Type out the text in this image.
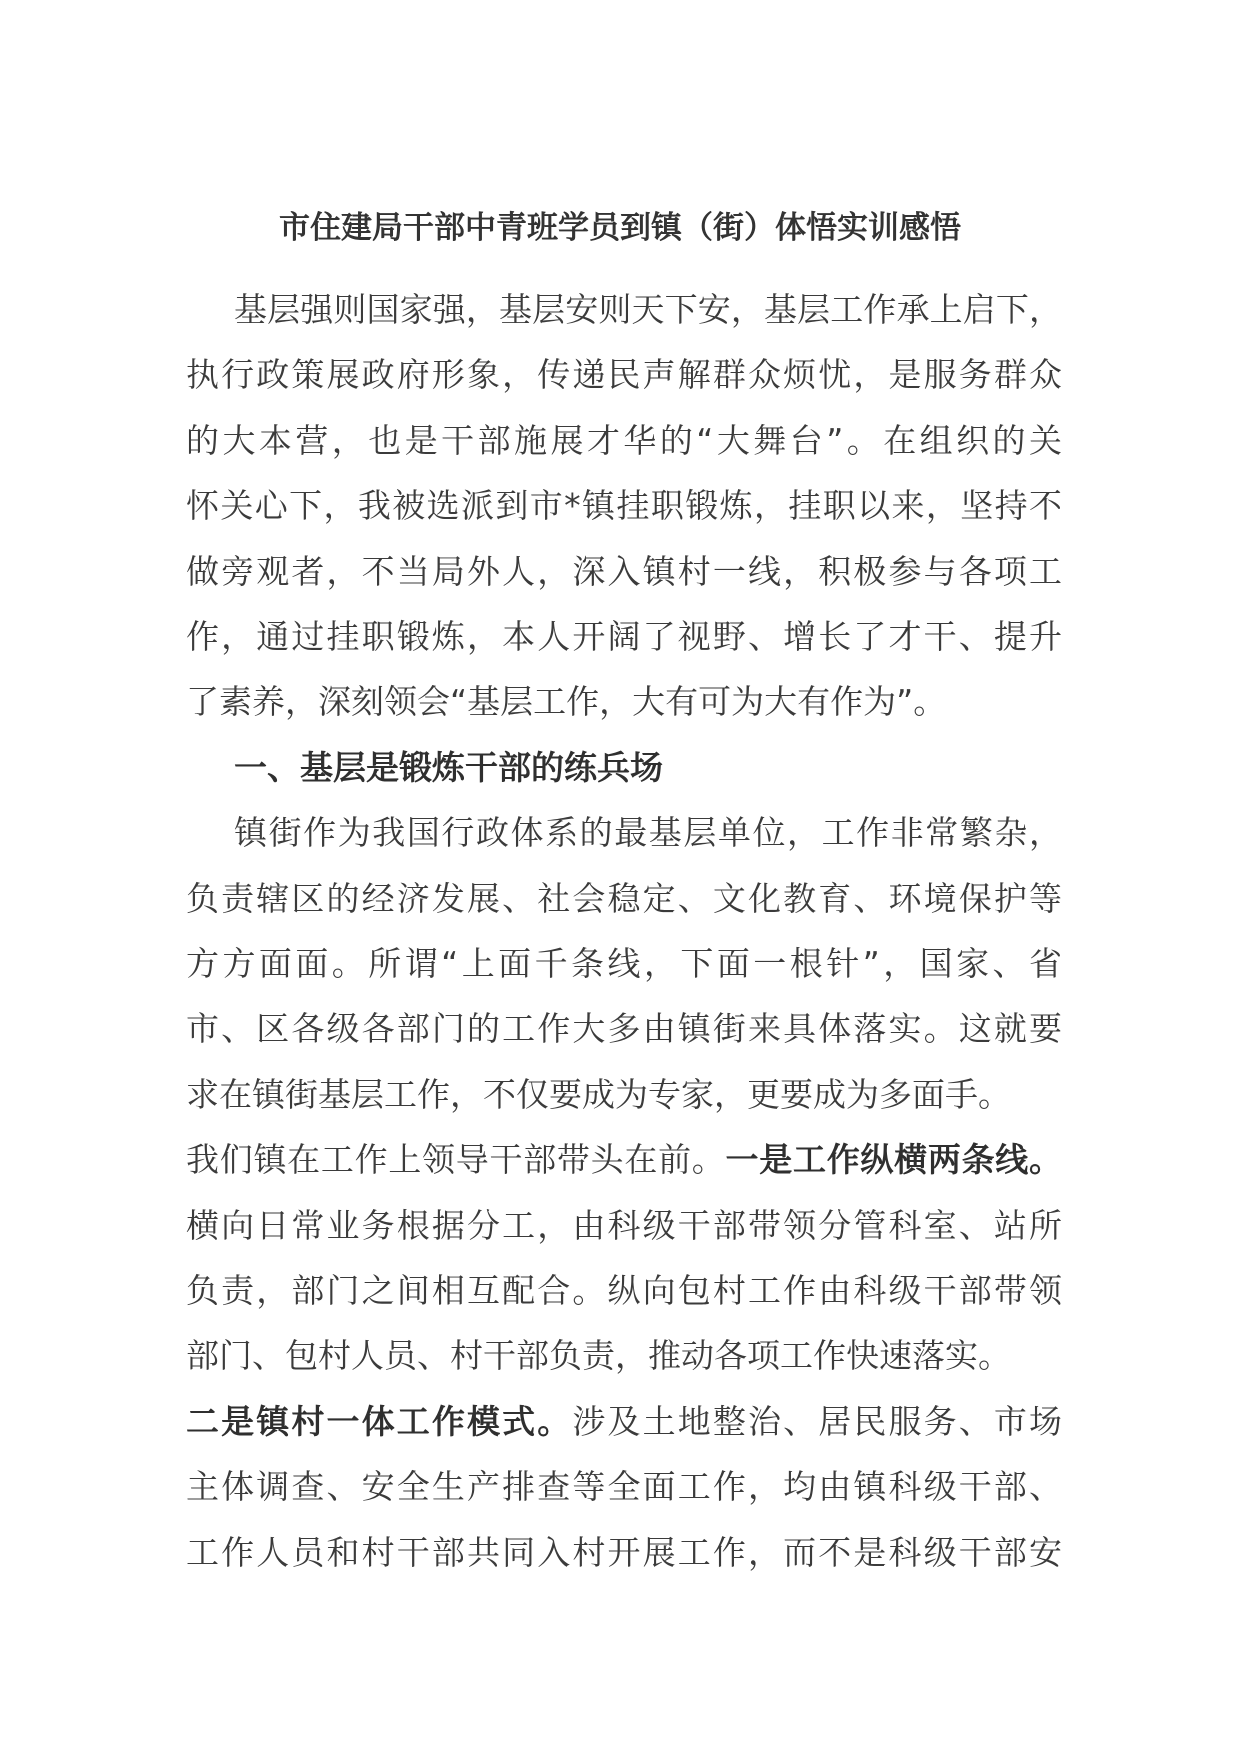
市住建局干部中青班学员到镇（街）体悟实训感悟
基层强则国家强，基层安则天下安，基层工作承上启下，
执行政策展政府形象，传递民声解群众烦忧，是服务群众
的大本营，也是干部施展才华的“大舞台”。在组织的关
怀关心下，我被选派到市*镇挂职锻炼，挂职以来，坚持不
做旁观者，不当局外人，深入镇村一线，积极参与各项工
作，通过挂职锻炼，本人开阔了视野、增长了才干、提升
了素养，深刻领会“基层工作，大有可为大有作为”。
一、基层是锻炼干部的练兵场
镇街作为我国行政体系的最基层单位，工作非常繁杂，
负责辖区的经济发展、社会稳定、文化教育、环境保护等
方方面面。所谓“上面千条线，下面一根针”，国家、省
市、区各级各部门的工作大多由镇街来具体落实。这就要
求在镇街基层工作，不仅要成为专家，更要成为多面手。
我们镇在工作上领导干部带头在前。一是工作纵横两条线。
横向日常业务根据分工，由科级干部带领分管科室、站所
负责，部门之间相互配合。纵向包村工作由科级干部带领
部门、包村人员、村干部负责，推动各项工作快速落实。
二是镇村一体工作模式。涉及土地整治、居民服务、市场
主体调查、安全生产排查等全面工作，均由镇科级干部、
工作人员和村干部共同入村开展工作，而不是科级干部安
